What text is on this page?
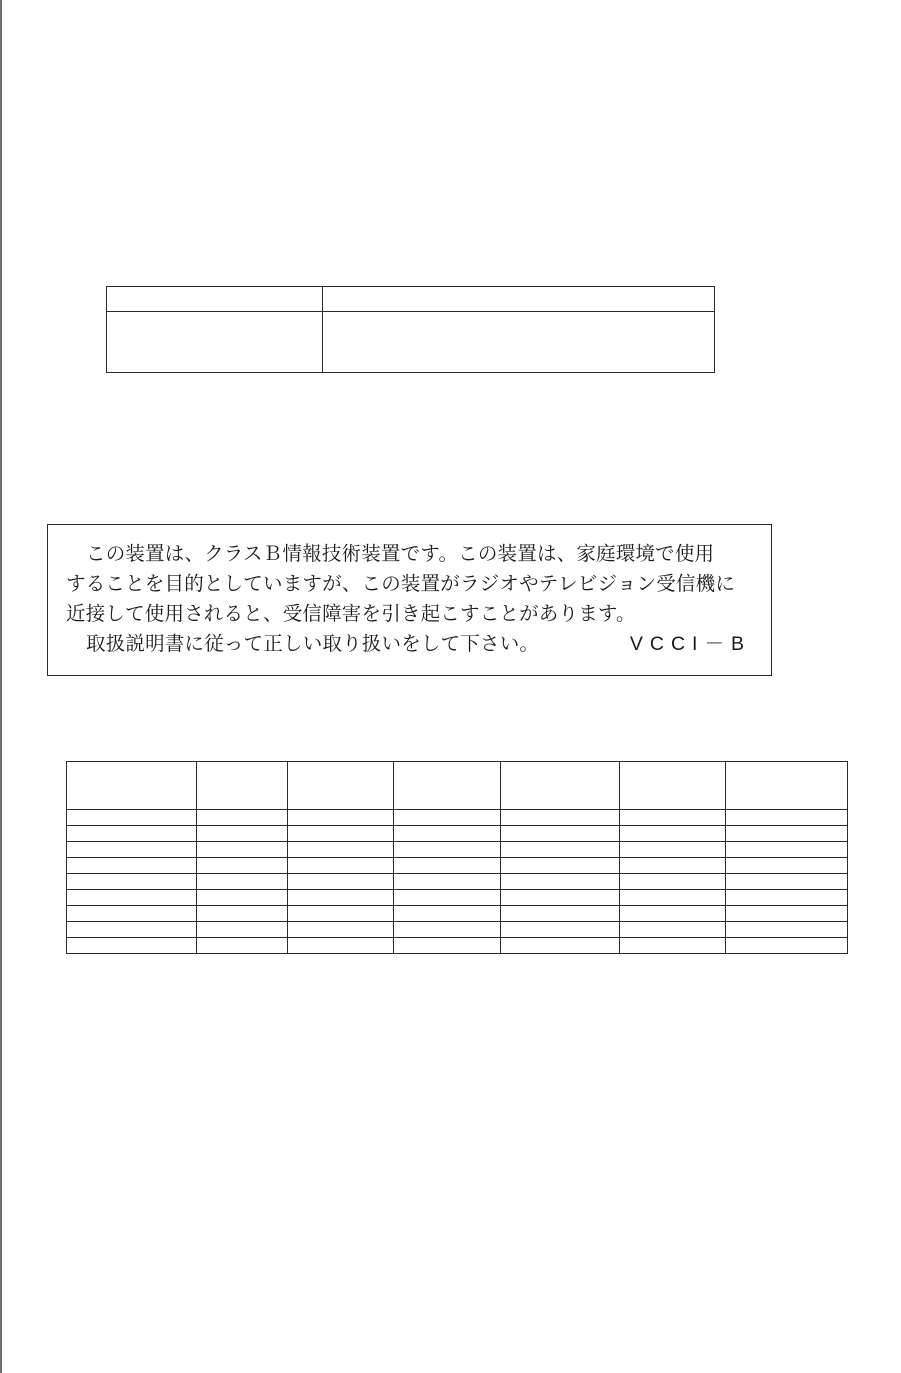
この装置は、クラスＢ情報技術装置です。この装置は、家庭環境で使用

することを目的としていますが、この装置がラジオやテレビジョン受信機に

近接して使用されると、受信障害を引き起こすことがあります。

取扱説明書に従って正しい取り扱いをして下さい。	VCCI－B
